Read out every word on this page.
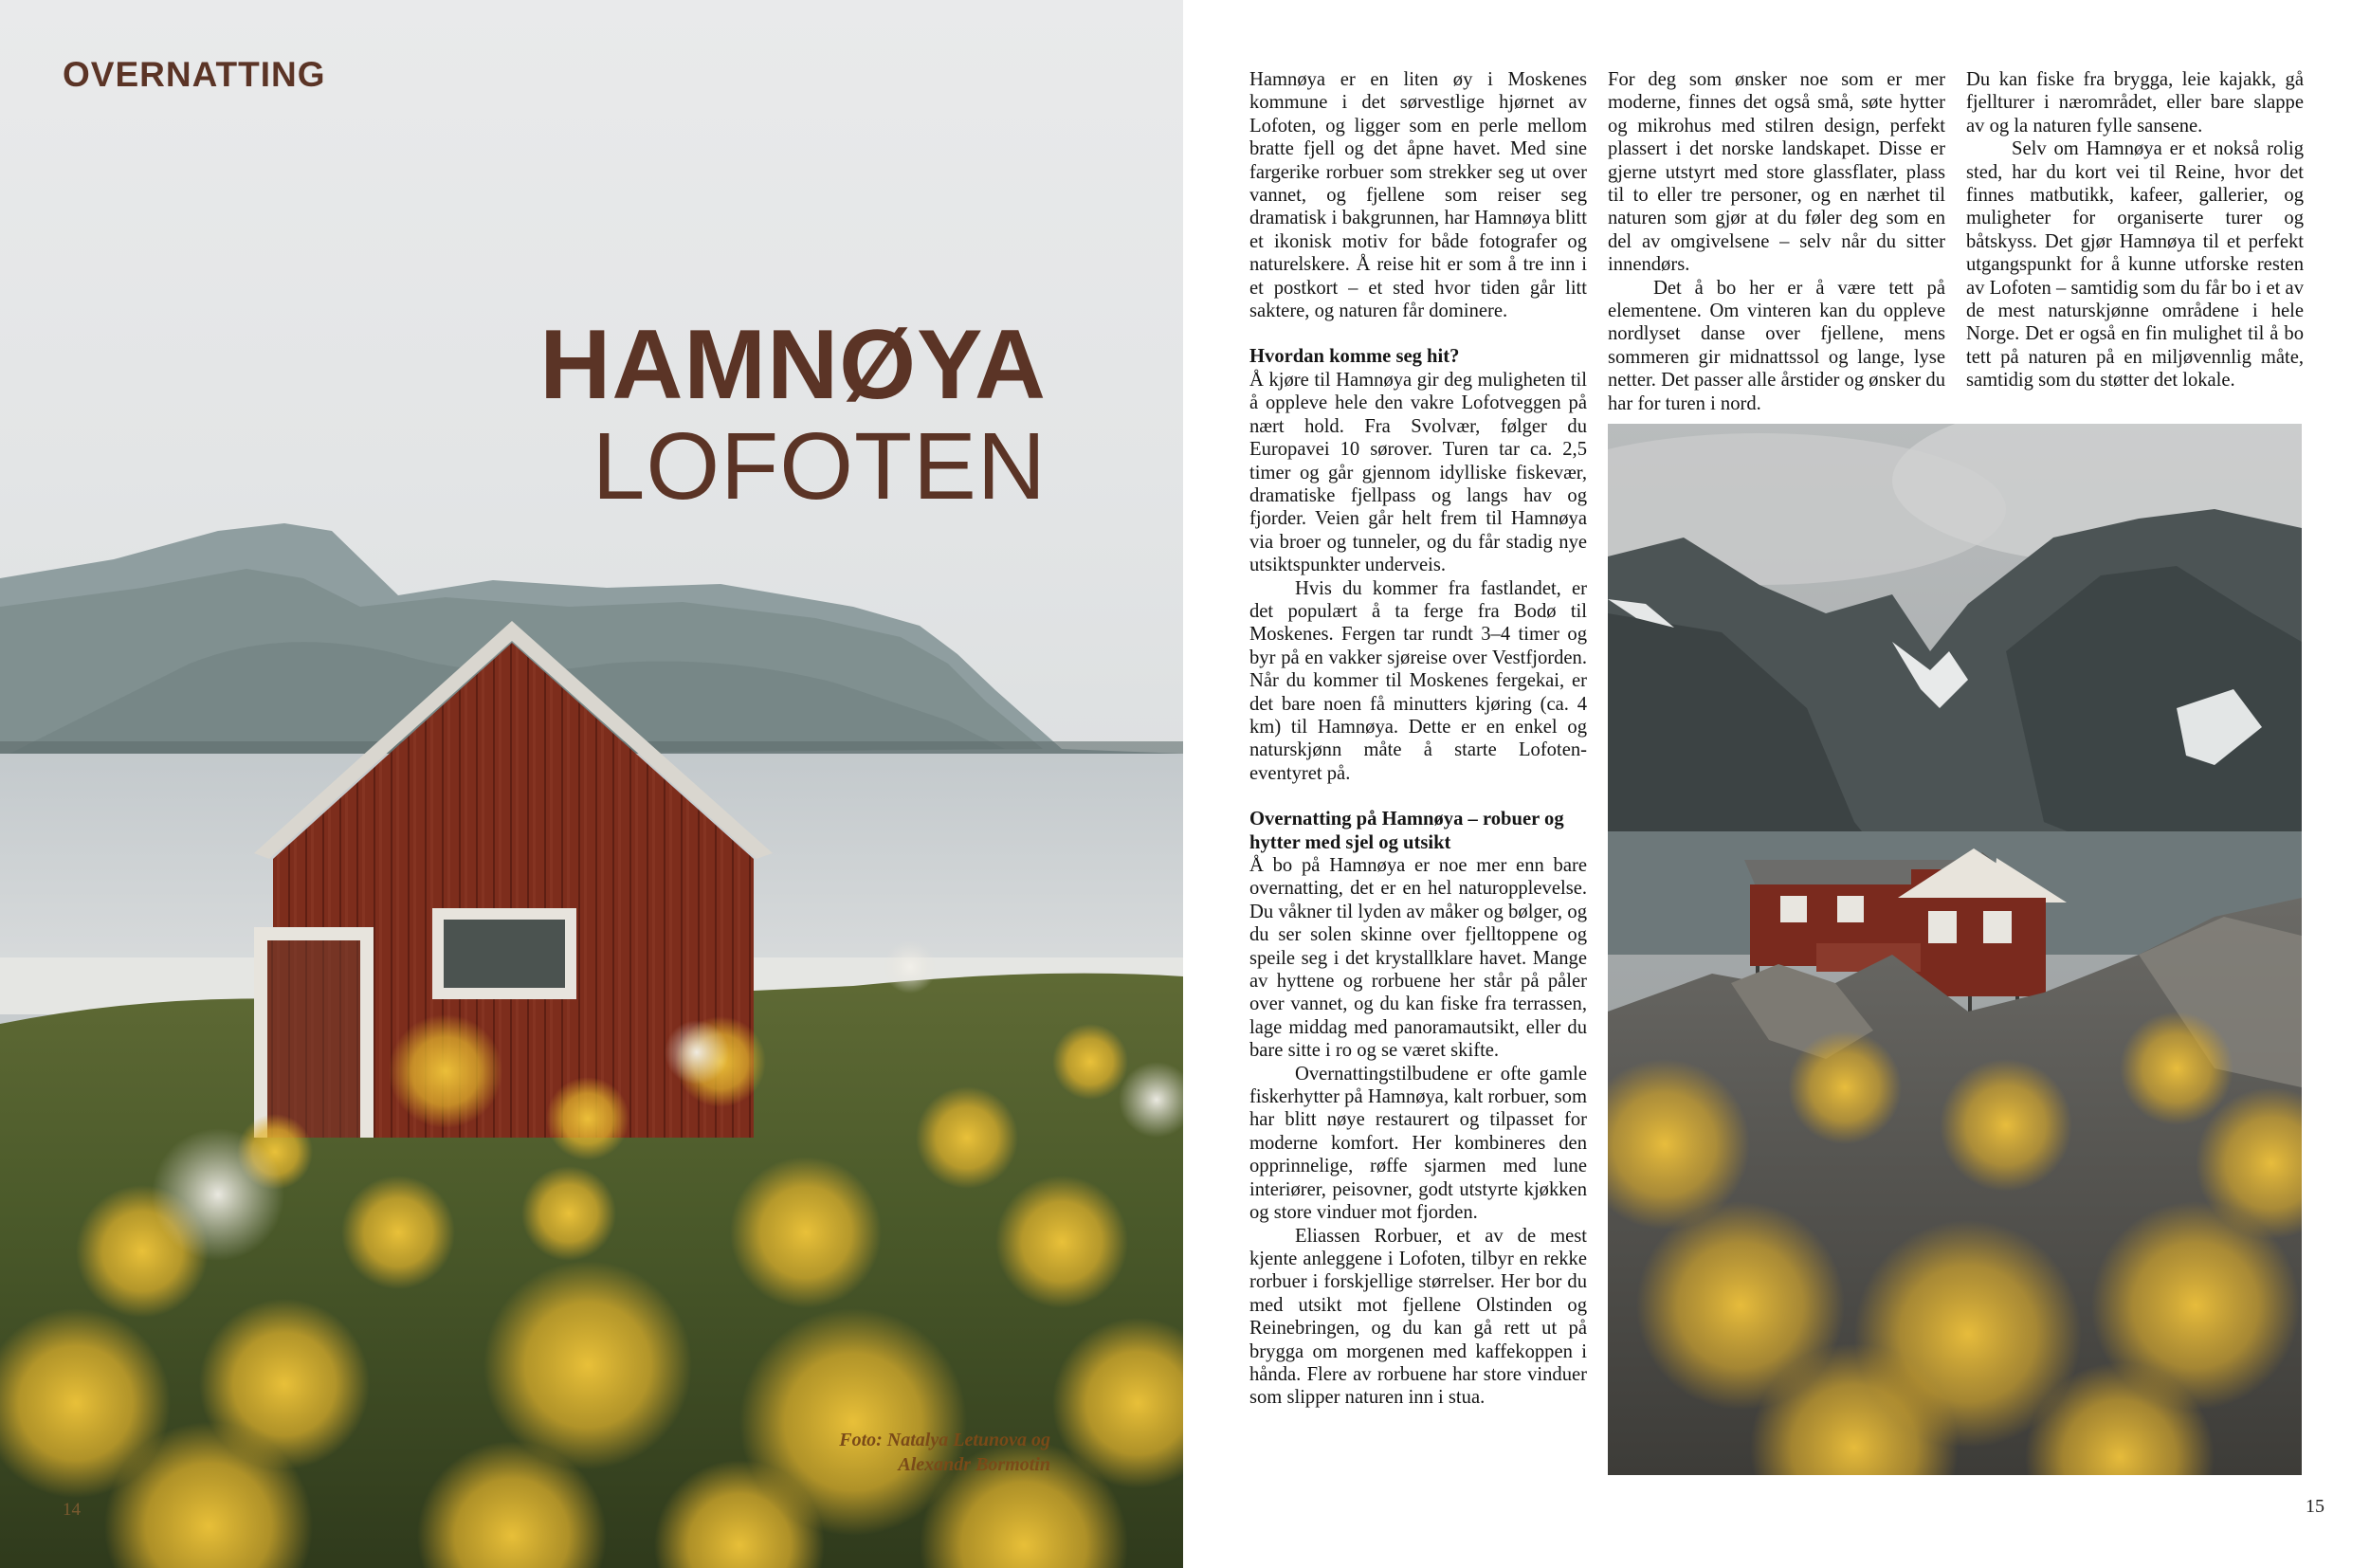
OVERNATTING
HAMNØYA
LOFOTEN
Foto: Natalya Letunova og
Alexandr Bormotin
14

Hamnøya er en liten øy i Moskenes kommune i det sørvestlige hjørnet av Lofoten, og ligger som en perle mellom bratte fjell og det åpne havet. Med sine fargerike rorbuer som strekker seg ut over vannet, og fjellene som reiser seg dramatisk i bakgrunnen, har Hamnøya blitt et ikonisk motiv for både fotografer og naturelskere. Å reise hit er som å tre inn i et postkort – et sted hvor tiden går litt saktere, og naturen får dominere.

Hvordan komme seg hit?

Å kjøre til Hamnøya gir deg muligheten til å oppleve hele den vakre Lofotveggen på nært hold. Fra Svolvær, følger du Europavei 10 sørover. Turen tar ca. 2,5 timer og går gjennom idylliske fiskevær, dramatiske fjellpass og langs hav og fjorder. Veien går helt frem til Hamnøya via broer og tunneler, og du får stadig nye utsiktspunkter underveis.

Hvis du kommer fra fastlandet, er det populært å ta ferge fra Bodø til Moskenes. Fergen tar rundt 3–4 timer og byr på en vakker sjøreise over Vestfjorden. Når du kommer til Moskenes fergekai, er det bare noen få minutters kjøring (ca. 4 km) til Hamnøya. Dette er en enkel og naturskjønn måte å starte Lofoten-eventyret på.

Overnatting på Hamnøya – robuer og hytter med sjel og utsikt

Å bo på Hamnøya er noe mer enn bare overnatting, det er en hel naturopplevelse. Du våkner til lyden av måker og bølger, og du ser solen skinne over fjelltoppene og speile seg i det krystallklare havet. Mange av hyttene og rorbuene her står på påler over vannet, og du kan fiske fra terrassen, lage middag med panoramautsikt, eller du bare sitte i ro og se været skifte.

Overnattingstilbudene er ofte gamle fiskerhytter på Hamnøya, kalt rorbuer, som har blitt nøye restaurert og tilpasset for moderne komfort. Her kombineres den opprinnelige, røffe sjarmen med lune interiører, peisovner, godt utstyrte kjøkken og store vinduer mot fjorden.

Eliassen Rorbuer, et av de mest kjente anleggene i Lofoten, tilbyr en rekke rorbuer i forskjellige størrelser. Her bor du med utsikt mot fjellene Olstinden og Reinebringen, og du kan gå rett ut på brygga om morgenen med kaffekoppen i hånda. Flere av rorbuene har store vinduer som slipper naturen inn i stua.

For deg som ønsker noe som er mer moderne, finnes det også små, søte hytter og mikrohus med stilren design, perfekt plassert i det norske landskapet. Disse er gjerne utstyrt med store glassflater, plass til to eller tre personer, og en nærhet til naturen som gjør at du føler deg som en del av omgivelsene – selv når du sitter innendørs.

Det å bo her er å være tett på elementene. Om vinteren kan du oppleve nordlyset danse over fjellene, mens sommeren gir midnattssol og lange, lyse netter. Det passer alle årstider og ønsker du har for turen i nord.

Du kan fiske fra brygga, leie kajakk, gå fjellturer i nærområdet, eller bare slappe av og la naturen fylle sansene.

Selv om Hamnøya er et nokså rolig sted, har du kort vei til Reine, hvor det finnes matbutikk, kafeer, gallerier, og muligheter for organiserte turer og båtskyss. Det gjør Hamnøya til et perfekt utgangspunkt for å kunne utforske resten av Lofoten – samtidig som du får bo i et av de mest naturskjønne områdene i hele Norge. Det er også en fin mulighet til å bo tett på naturen på en miljøvennlig måte, samtidig som du støtter det lokale.

15
